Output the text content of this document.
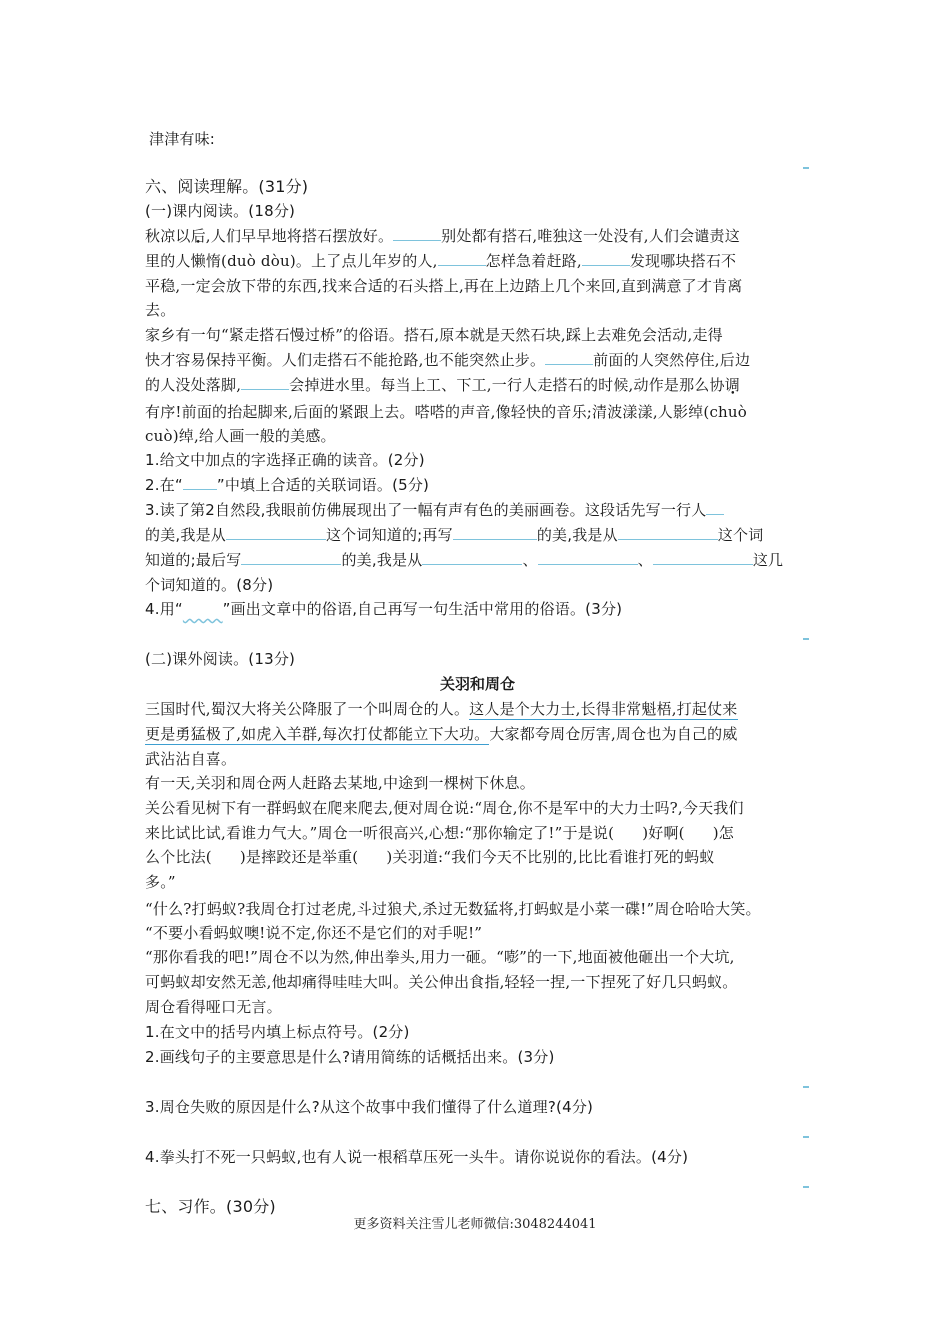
津津有味:
六、阅读理解。(31分)
(一)课内阅读。(18分)
秋凉以后,人们早早地将搭石摆放好。	别处都有搭石,唯独这一处没有,人们会谴责这
里的人懒惰(duò dòu)。上了点儿年岁的人,	怎样急着赶路,	发现哪块搭石不
平稳,一定会放下带的东西,找来合适的石头搭上,再在上边踏上几个来回,直到满意了才肯离
去。
家乡有一句“紧走搭石慢过桥”的俗语。搭石,原本就是天然石块,踩上去难免会活动,走得
快才容易保持平衡。人们走搭石不能抢路,也不能突然止步。	前面的人突然停住,后边
的人没处落脚,	会掉进水里。每当上工、下工,一行人走搭石的时候,动作是那么协调
有序!前面的抬起脚来,后面的紧跟上去。嗒嗒的声音,像轻快的音乐;清波漾漾,人影绰(ch• uò
cuò)绰,给人画一般的美感。
1.给文中加点的字选择正确的读音。(2分)
2.在“ ”中填上合适的关联词语。(5分)
3.读了第2自然段,我眼前仿佛展现出了一幅有声有色的美丽画卷。这段话先写一行人
的美,我是从	这个词知道的;再写	的美,我是从	这个词
知道的;最后写	的美,我是从	、	、	这几
个词知道的。(8分)
4.用“	”画出文章中的俗语,自己再写一句生活中常用的俗语。(3分)
(二)课外阅读。(13分)
关羽和周仓
三国时代,蜀汉大将关公降服了一个叫周仓的人。这人是个大力士,长得非常魁梧,打起仗来
更是勇猛极了,如虎入羊群,每次打仗都能立下大功。大家都夸周仓厉害,周仓也为自己的威
武沾沾自喜。
有一天,关羽和周仓两人赶路去某地,中途到一棵树下休息。
关公看见树下有一群蚂蚁在爬来爬去,便对周仓说:“周仓,你不是军中的大力士吗?,今天我们
来比试比试,看谁力气大。”周仓一听很高兴,心想:“那你输定了!”于是说( )好啊( )怎
么个比法( )是摔跤还是举重( )关羽道:“我们今天不比别的,比比看谁打死的蚂蚁
多。”
“什么?打蚂蚁?我周仓打过老虎,斗过狼犬,杀过无数猛将,打蚂蚁是小菜一碟!”周仓哈哈大笑。
“不要小看蚂蚁噢!说不定,你还不是它们的对手呢!”
“那你看我的吧!”周仓不以为然,伸出拳头,用力一砸。“嘭”的一下,地面被他砸出一个大坑,
可蚂蚁却安然无恙,他却痛得哇哇大叫。关公伸出食指,轻轻一捏,一下捏死了好几只蚂蚁。
周仓看得哑口无言。
1.在文中的括号内填上标点符号。(2分)
2.画线句子的主要意思是什么?请用简练的话概括出来。(3分)
3.周仓失败的原因是什么?从这个故事中我们懂得了什么道理?(4分)
4.拳头打不死一只蚂蚁,也有人说一根稻草压死一头牛。请你说说你的看法。(4分)
七、习作。(30分)
更多资料关注雪儿老师微信:3048244041
